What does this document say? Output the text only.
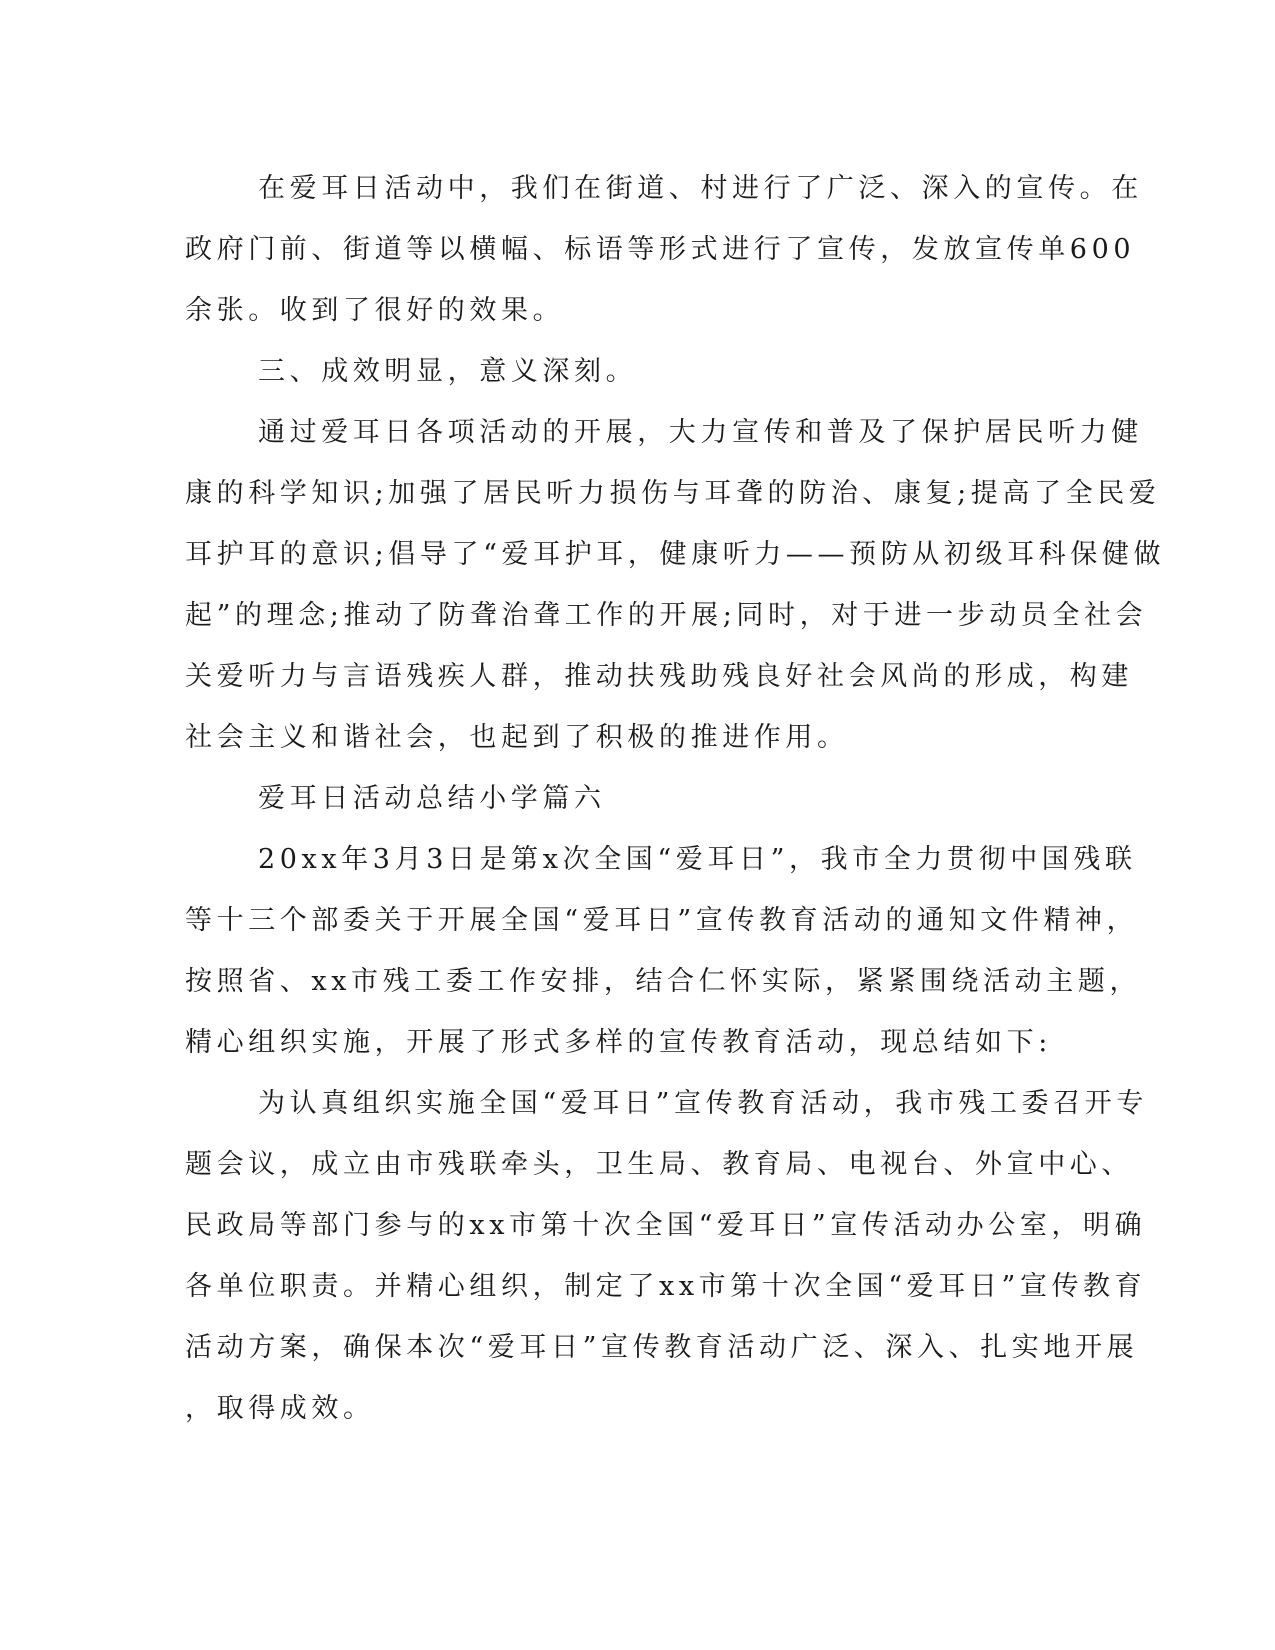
在爱耳日活动中，我们在街道、村进行了广泛、深入的宣传。在
政府门前、街道等以横幅、标语等形式进行了宣传，发放宣传单600
余张。收到了很好的效果。
三、成效明显，意义深刻。
通过爱耳日各项活动的开展，大力宣传和普及了保护居民听力健
康的科学知识;加强了居民听力损伤与耳聋的防治、康复;提高了全民爱
耳护耳的意识;倡导了“爱耳护耳，健康听力——预防从初级耳科保健做
起”的理念;推动了防聋治聋工作的开展;同时，对于进一步动员全社会
关爱听力与言语残疾人群，推动扶残助残良好社会风尚的形成，构建
社会主义和谐社会，也起到了积极的推进作用。
爱耳日活动总结小学篇六
20xx年3月3日是第x次全国“爱耳日”，我市全力贯彻中国残联
等十三个部委关于开展全国“爱耳日”宣传教育活动的通知文件精神，
按照省、xx市残工委工作安排，结合仁怀实际，紧紧围绕活动主题，
精心组织实施，开展了形式多样的宣传教育活动，现总结如下:
为认真组织实施全国“爱耳日”宣传教育活动，我市残工委召开专
题会议，成立由市残联牵头，卫生局、教育局、电视台、外宣中心、
民政局等部门参与的xx市第十次全国“爱耳日”宣传活动办公室，明确
各单位职责。并精心组织，制定了xx市第十次全国“爱耳日”宣传教育
活动方案，确保本次“爱耳日”宣传教育活动广泛、深入、扎实地开展
，取得成效。
